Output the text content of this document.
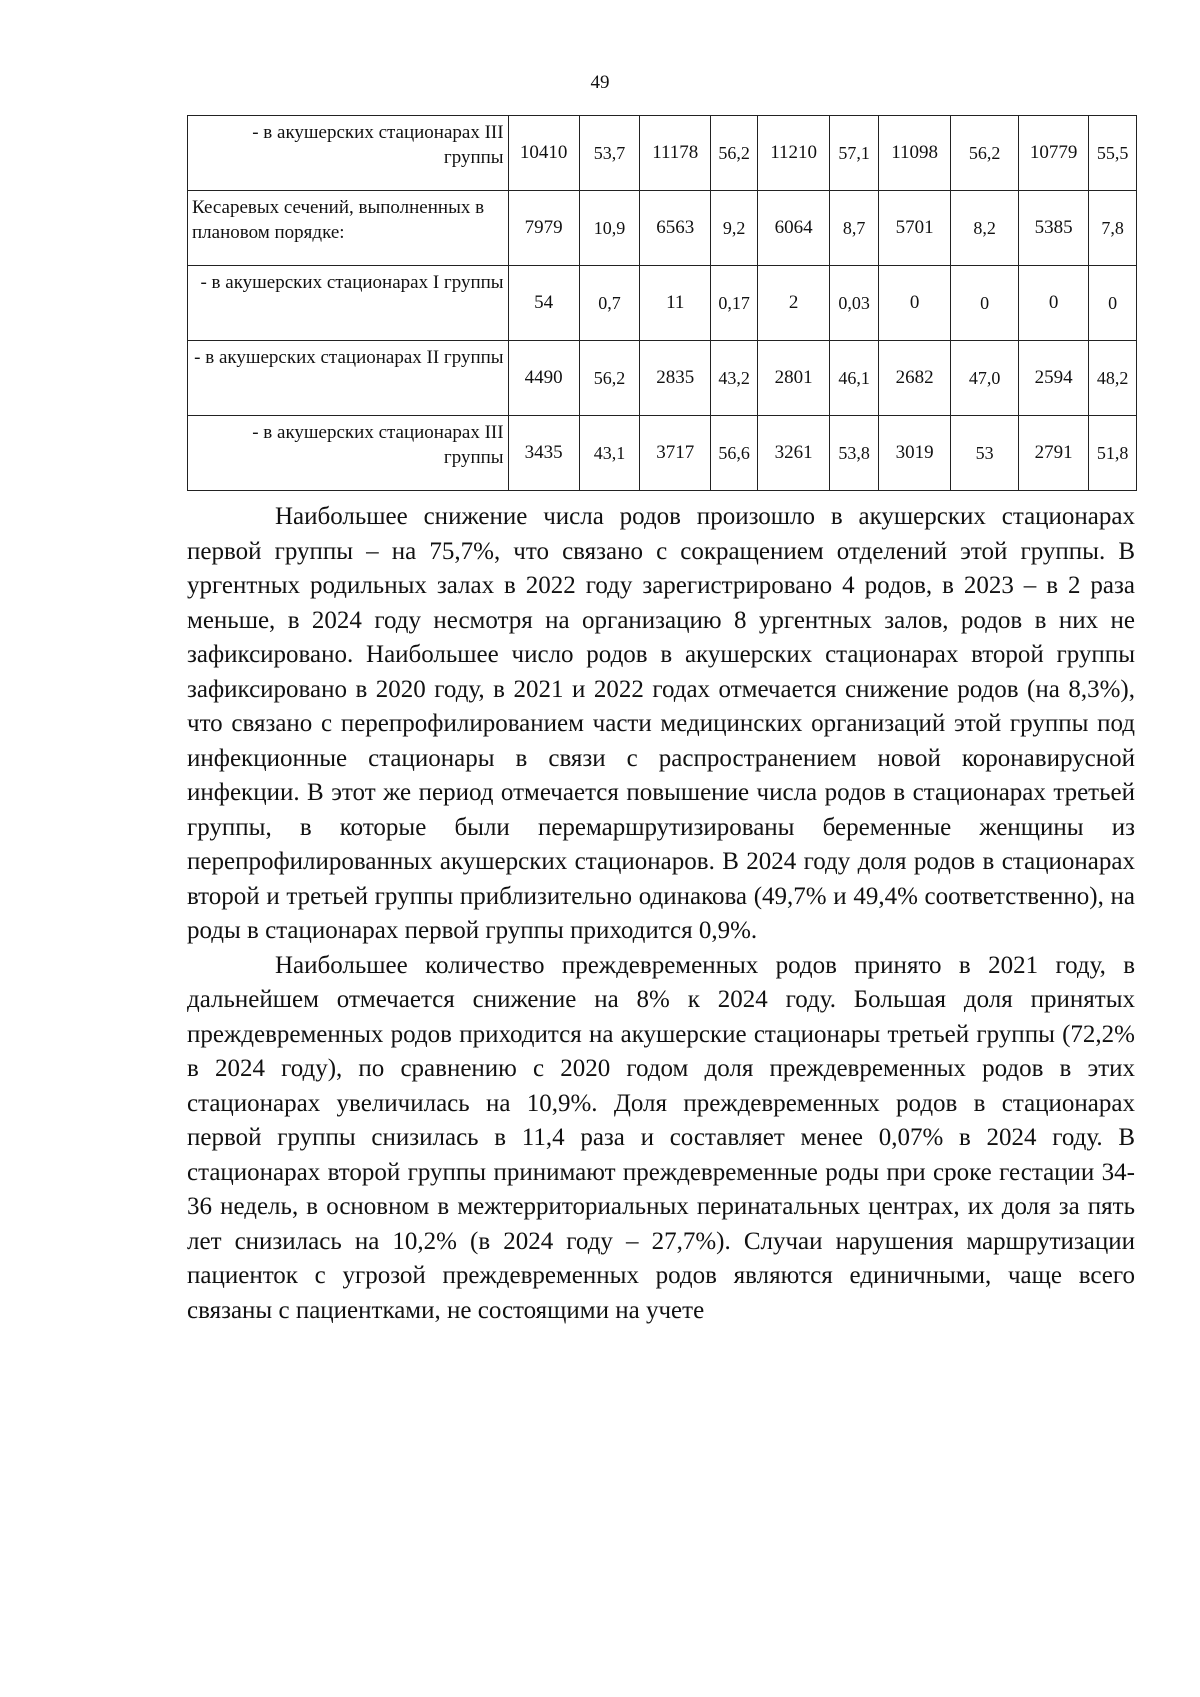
49
- в акушерских стационарах III группы	10410	53,7	11178	56,2	11210	57,1	11098	56,2	10779	55,5
Кесаревых сечений, выполненных в плановом порядке:	7979	10,9	6563	9,2	6064	8,7	5701	8,2	5385	7,8
- в акушерских стационарах I группы	54	0,7	11	0,17	2	0,03	0	0	0	0
- в акушерских стационарах II группы	4490	56,2	2835	43,2	2801	46,1	2682	47,0	2594	48,2
- в акушерских стационарах III группы	3435	43,1	3717	56,6	3261	53,8	3019	53	2791	51,8

Наибольшее снижение числа родов произошло в акушерских стационарах первой группы – на 75,7%, что связано с сокращением отделений этой группы. В ургентных родильных залах в 2022 году зарегистрировано 4 родов, в 2023 – в 2 раза меньше, в 2024 году несмотря на организацию 8 ургентных залов, родов в них не зафиксировано. Наибольшее число родов в акушерских стационарах второй группы зафиксировано в 2020 году, в 2021 и 2022 годах отмечается снижение родов (на 8,3%), что связано с перепрофилированием части медицинских организаций этой группы под инфекционные стационары в связи с распространением новой коронавирусной инфекции. В этот же период отмечается повышение числа родов в стационарах третьей группы, в которые были перемаршрутизированы беременные женщины из перепрофилированных акушерских стационаров. В 2024 году доля родов в стационарах второй и третьей группы приблизительно одинакова (49,7% и 49,4% соответственно), на роды в стационарах первой группы приходится 0,9%.

Наибольшее количество преждевременных родов принято в 2021 году, в дальнейшем отмечается снижение на 8% к 2024 году. Большая доля принятых преждевременных родов приходится на акушерские стационары третьей группы (72,2% в 2024 году), по сравнению с 2020 годом доля преждевременных родов в этих стационарах увеличилась на 10,9%. Доля преждевременных родов в стационарах первой группы снизилась в 11,4 раза и составляет менее 0,07% в 2024 году. В стационарах второй группы принимают преждевременные роды при сроке гестации 34-36 недель, в основном в межтерриториальных перинатальных центрах, их доля за пять лет снизилась на 10,2% (в 2024 году – 27,7%). Случаи нарушения маршрутизации пациенток с угрозой преждевременных родов являются единичными, чаще всего связаны с пациентками, не состоящими на учете
